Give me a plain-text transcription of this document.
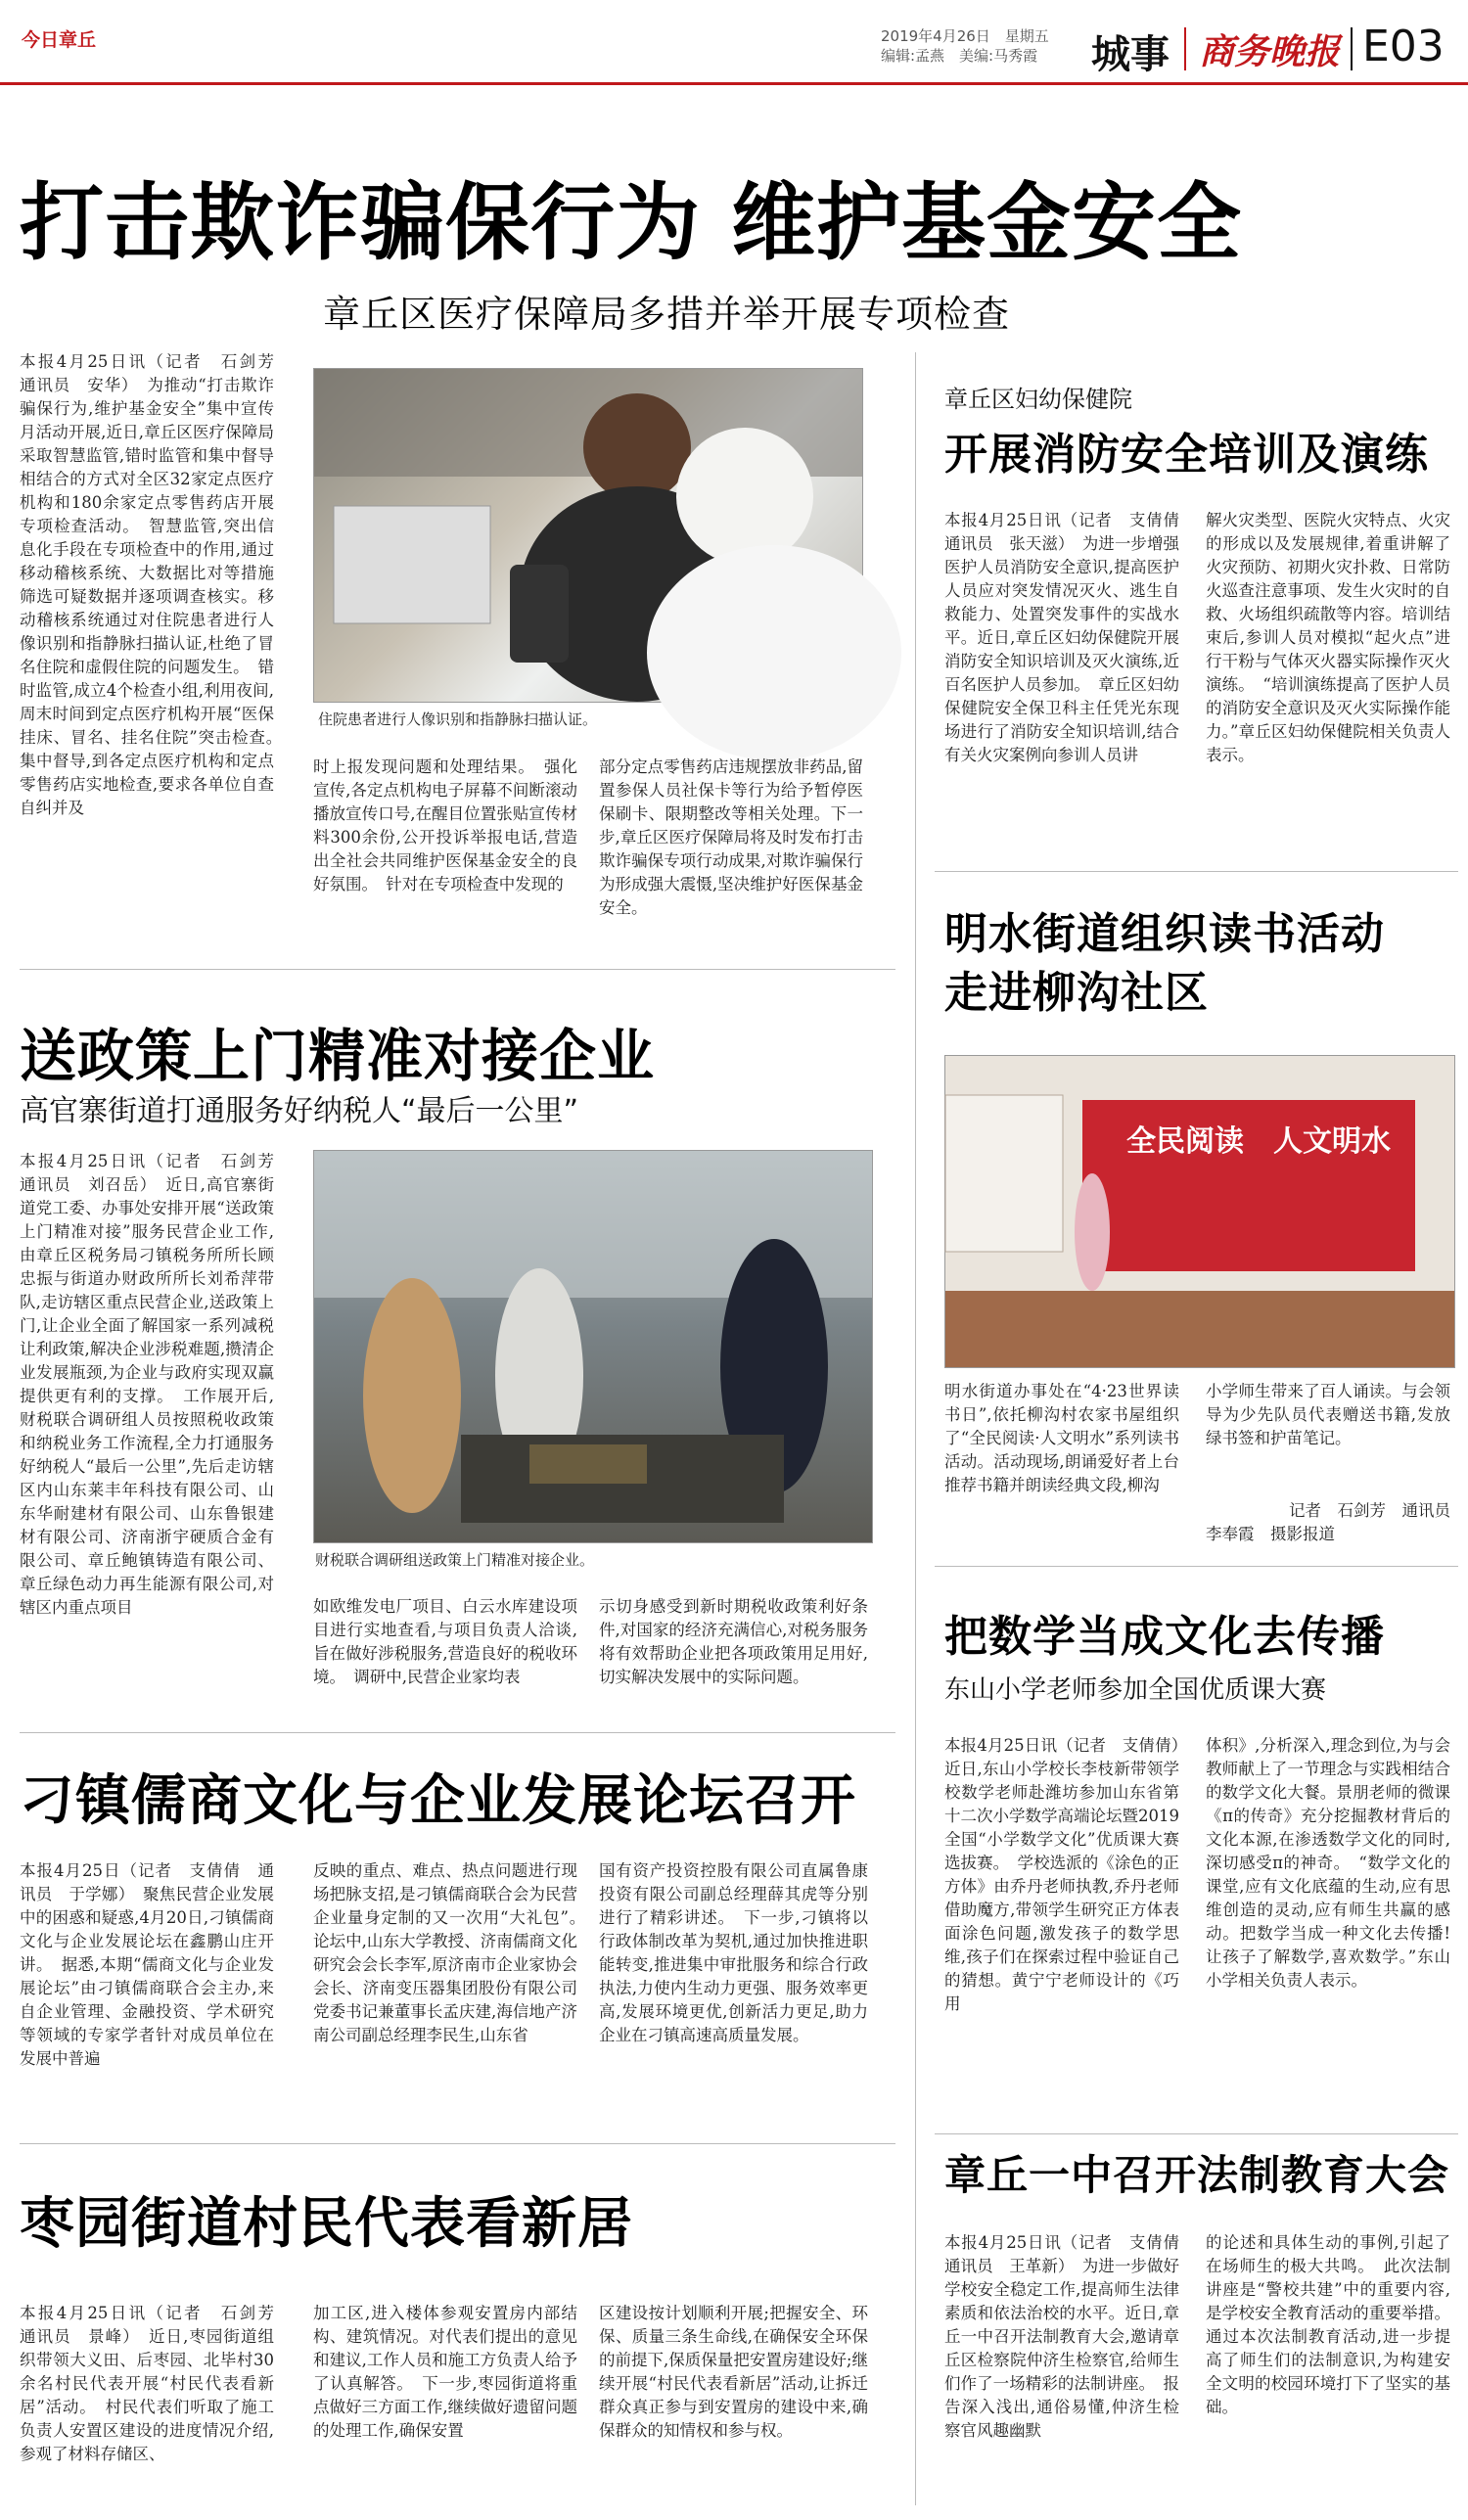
今日章丘	2019年4月26日　星期五
编辑:孟燕　美编:马秀霞 城事 商务晚报 E03
打击欺诈骗保行为 维护基金安全
章丘区医疗保障局多措并举开展专项检查
住院患者进行人像识别和指静脉扫描认证。
本报4月25日讯（记者　石剑芳　通讯员　安华）　为推动“打击欺诈骗保行为,维护基金安全”集中宣传月活动开展,近日,章丘区医疗保障局采取智慧监管,错时监管和集中督导相结合的方式对全区32家定点医疗机构和180余家定点零售药店开展专项检查活动。　智慧监管,突出信息化手段在专项检查中的作用,通过移动稽核系统、大数据比对等措施筛选可疑数据并逐项调查核实。移动稽核系统通过对住院患者进行人像识别和指静脉扫描认证,杜绝了冒名住院和虚假住院的问题发生。　错时监管,成立4个检查小组,利用夜间,周末时间到定点医疗机构开展“医保挂床、冒名、挂名住院”突击检查。　集中督导,到各定点医疗机构和定点零售药店实地检查,要求各单位自查自纠并及
时上报发现问题和处理结果。　强化宣传,各定点机构电子屏幕不间断滚动播放宣传口号,在醒目位置张贴宣传材料300余份,公开投诉举报电话,营造出全社会共同维护医保基金安全的良好氛围。　针对在专项检查中发现的
部分定点零售药店违规摆放非药品,留置参保人员社保卡等行为给予暂停医保刷卡、限期整改等相关处理。下一步,章丘区医疗保障局将及时发布打击欺诈骗保专项行动成果,对欺诈骗保行为形成强大震慑,坚决维护好医保基金安全。
章丘区妇幼保健院
开展消防安全培训及演练
本报4月25日讯（记者　支倩倩　通讯员　张天滋）　为进一步增强医护人员消防安全意识,提高医护人员应对突发情况灭火、逃生自救能力、处置突发事件的实战水平。近日,章丘区妇幼保健院开展消防安全知识培训及灭火演练,近百名医护人员参加。　章丘区妇幼保健院安全保卫科主任凭光东现场进行了消防安全知识培训,结合有关火灾案例向参训人员讲
解火灾类型、医院火灾特点、火灾的形成以及发展规律,着重讲解了火灾预防、初期火灾扑救、日常防火巡查注意事项、发生火灾时的自救、火场组织疏散等内容。培训结束后,参训人员对模拟“起火点”进行干粉与气体灭火器实际操作灭火演练。　“培训演练提高了医护人员的消防安全意识及灭火实际操作能力。”章丘区妇幼保健院相关负责人表示。
送政策上门精准对接企业
高官寨街道打通服务好纳税人“最后一公里”
本报4月25日讯（记者　石剑芳　通讯员　刘召岳）　近日,高官寨街道党工委、办事处安排开展“送政策上门精准对接”服务民营企业工作,由章丘区税务局刁镇税务所所长顾忠振与街道办财政所所长刘希萍带队,走访辖区重点民营企业,送政策上门,让企业全面了解国家一系列减税让利政策,解决企业涉税难题,攒清企业发展瓶颈,为企业与政府实现双赢提供更有利的支撑。　工作展开后,财税联合调研组人员按照税收政策和纳税业务工作流程,全力打通服务好纳税人“最后一公里”,先后走访辖区内山东莱丰年科技有限公司、山东华耐建材有限公司、山东鲁银建材有限公司、济南浙宇硬质合金有限公司、章丘鲍镇铸造有限公司、章丘绿色动力再生能源有限公司,对辖区内重点项目
财税联合调研组送政策上门精准对接企业。
如欧维发电厂项目、白云水库建设项目进行实地查看,与项目负责人洽谈,旨在做好涉税服务,营造良好的税收环境。　调研中,民营企业家均表
示切身感受到新时期税收政策利好条件,对国家的经济充满信心,对税务服务将有效帮助企业把各项政策用足用好,切实解决发展中的实际问题。
明水街道组织读书活动
走进柳沟社区
全民阅读　人文明水
明水街道办事处在“4·23世界读书日”,依托柳沟村农家书屋组织了“全民阅读·人文明水”系列读书活动。活动现场,朗诵爱好者上台推荐书籍并朗读经典文段,柳沟
小学师生带来了百人诵读。与会领导为少先队员代表赠送书籍,发放绿书签和护苗笔记。
记者　石剑芳　通讯员
李奉霞　摄影报道
刁镇儒商文化与企业发展论坛召开
本报4月25日（记者　支倩倩　通讯员　于学娜）　聚焦民营企业发展中的困惑和疑惑,4月20日,刁镇儒商文化与企业发展论坛在鑫鹏山庄开讲。　据悉,本期“儒商文化与企业发展论坛”由刁镇儒商联合会主办,来自企业管理、金融投资、学术研究等领域的专家学者针对成员单位在发展中普遍
反映的重点、难点、热点问题进行现场把脉支招,是刁镇儒商联合会为民营企业量身定制的又一次用“大礼包”。　论坛中,山东大学教授、济南儒商文化研究会会长李军,原济南市企业家协会会长、济南变压器集团股份有限公司党委书记兼董事长孟庆建,海信地产济南公司副总经理李民生,山东省
国有资产投资控股有限公司直属鲁康投资有限公司副总经理薛其虎等分别进行了精彩讲述。　下一步,刁镇将以行政体制改革为契机,通过加快推进职能转变,推进集中审批服务和综合行政执法,力使内生动力更强、服务效率更高,发展环境更优,创新活力更足,助力企业在刁镇高速高质量发展。
把数学当成文化去传播
东山小学老师参加全国优质课大赛
本报4月25日讯（记者　支倩倩）　近日,东山小学校长李枝新带领学校数学老师赴潍坊参加山东省第十二次小学数学高端论坛暨2019全国“小学数学文化”优质课大赛选拔赛。　学校选派的《涂色的正方体》由乔丹老师执教,乔丹老师借助魔方,带领学生研究正方体表面涂色问题,激发孩子的数学思维,孩子们在探索过程中验证自己的猜想。黄宁宁老师设计的《巧用
体积》,分析深入,理念到位,为与会教师献上了一节理念与实践相结合的数学文化大餐。景朋老师的微课《π的传奇》充分挖掘教材背后的文化本源,在渗透数学文化的同时,深切感受π的神奇。　“数学文化的课堂,应有文化底蕴的生动,应有思维创造的灵动,应有师生共赢的感动。把数学当成一种文化去传播!让孩子了解数学,喜欢数学。”东山小学相关负责人表示。
枣园街道村民代表看新居
本报4月25日讯（记者　石剑芳　通讯员　景峰）　近日,枣园街道组织带领大义田、后枣园、北毕村30余名村民代表开展“村民代表看新居”活动。　村民代表们听取了施工负责人安置区建设的进度情况介绍,参观了材料存储区、
加工区,进入楼体参观安置房内部结构、建筑情况。对代表们提出的意见和建议,工作人员和施工方负责人给予了认真解答。　下一步,枣园街道将重点做好三方面工作,继续做好遗留问题的处理工作,确保安置
区建设按计划顺利开展;把握安全、环保、质量三条生命线,在确保安全环保的前提下,保质保量把安置房建设好;继续开展“村民代表看新居”活动,让拆迁群众真正参与到安置房的建设中来,确保群众的知情权和参与权。
章丘一中召开法制教育大会
本报4月25日讯（记者　支倩倩　通讯员　王革新）　为进一步做好学校安全稳定工作,提高师生法律素质和依法治校的水平。近日,章丘一中召开法制教育大会,邀请章丘区检察院仲济生检察官,给师生们作了一场精彩的法制讲座。　报告深入浅出,通俗易懂,仲济生检察官风趣幽默
的论述和具体生动的事例,引起了在场师生的极大共鸣。　此次法制讲座是“警校共建”中的重要内容,是学校安全教育活动的重要举措。通过本次法制教育活动,进一步提高了师生们的法制意识,为构建安全文明的校园环境打下了坚实的基础。
